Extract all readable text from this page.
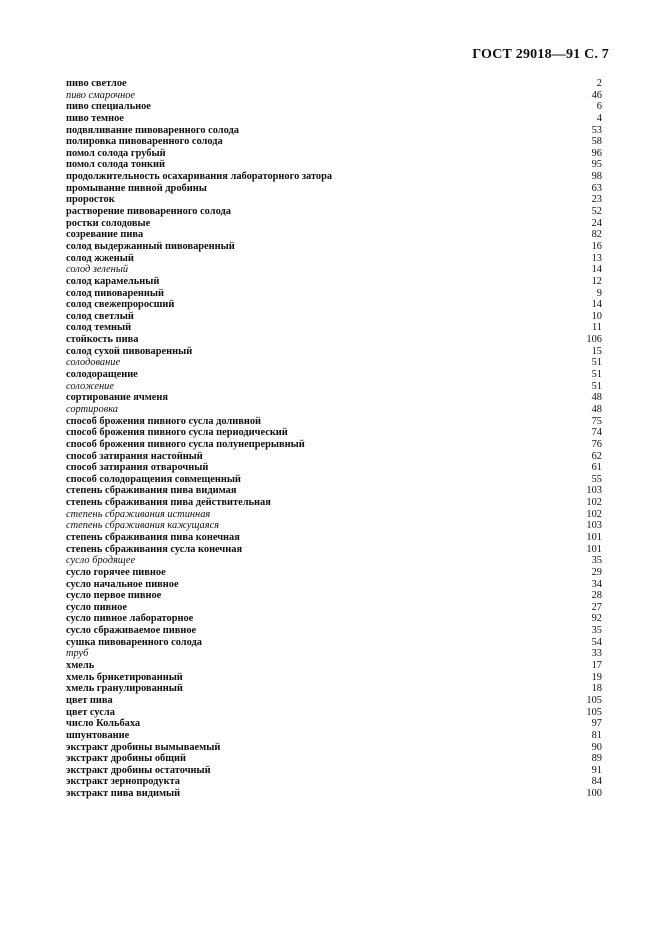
ГОСТ 29018—91 С. 7
пиво светлое	2
пиво смарочное	46
пиво специальное	6
пиво темное	4
подвяливание пивоваренного солода	53
полировка пивоваренного солода	58
помол солода грубый	96
помол солода тонкий	95
продолжительность осахаривания лабораторного затора	98
промывание пивной дробины	63
проросток	23
растворение пивоваренного солода	52
ростки солодовые	24
созревание пива	82
солод выдержанный пивоваренный	16
солод жженый	13
солод зеленый	14
солод карамельный	12
солод пивоваренный	9
солод свежепроросший	14
солод светлый	10
солод темный	11
стойкость пива	106
солод сухой пивоваренный	15
солодование	51
солодоращение	51
соложение	51
сортирование ячменя	48
сортировка	48
способ брожения пивного сусла доливной	75
способ брожения пивного сусла периодический	74
способ брожения пивного сусла полунепрерывный	76
способ затирания настойный	62
способ затирания отварочный	61
способ солодоращения совмещенный	55
степень сбраживания пива видимая	103
степень сбраживания пива действительная	102
степень сбраживания истинная	102
степень сбраживания кажущаяся	103
степень сбраживания пива конечная	101
степень сбраживания сусла конечная	101
сусло бродящее	35
сусло горячее пивное	29
сусло начальное пивное	34
сусло первое пивное	28
сусло пивное	27
сусло пивное лабораторное	92
сусло сбраживаемое пивное	35
сушка пивоваренного солода	54
труб	33
хмель	17
хмель брикетированный	19
хмель гранулированный	18
цвет пива	105
цвет сусла	105
число Кольбаха	97
шпунтование	81
экстракт дробины вымываемый	90
экстракт дробины общий	89
экстракт дробины остаточный	91
экстракт зернопродукта	84
экстракт пива видимый	100
